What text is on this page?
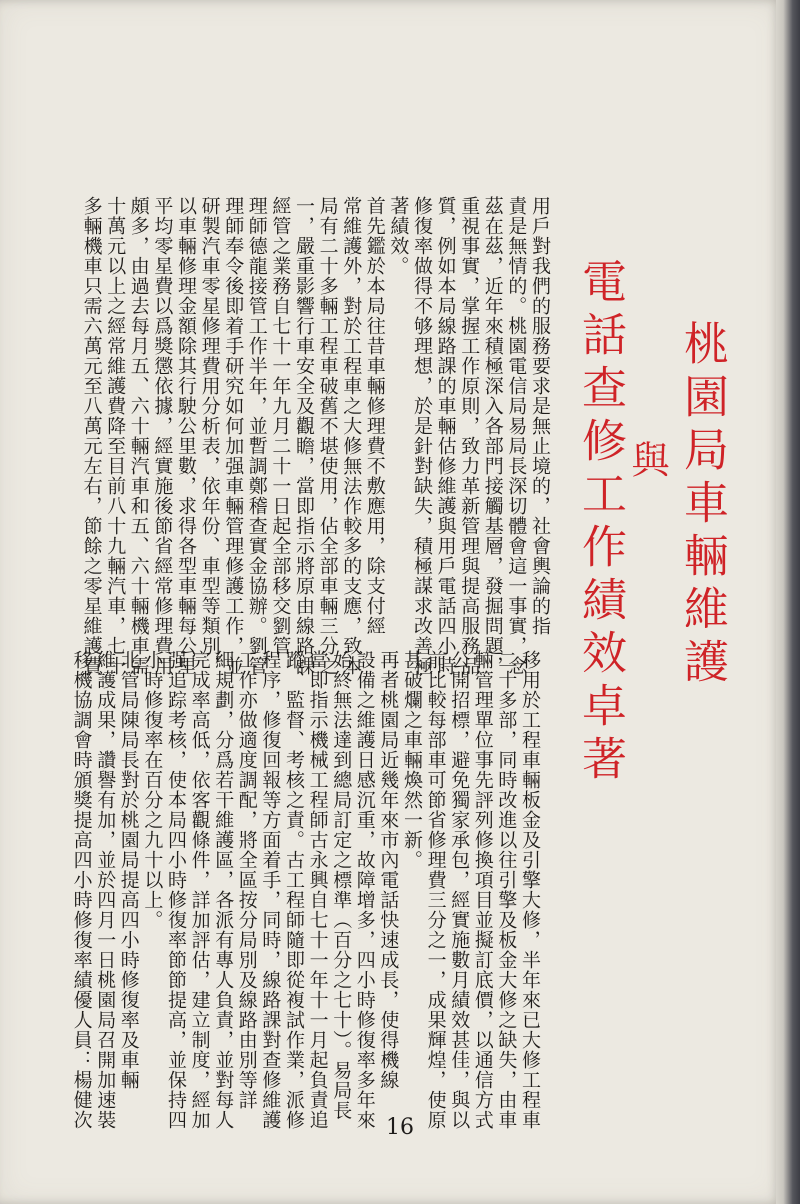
桃園局車輛維護
與
電話查修工作績效卓著
用戶對我們的服務要求是無止境的，社會輿論的指
責是無情的。桃園電信局易局長深切體會這一事實，念
茲在茲，近年來積極深入各部門接觸基層，發掘問題，
重視事實，掌握工作原則，致力革新管理與提高服務品
質，例如本局線路課的車輛估修維護與用戶電話四小時
修復率做得不够理想，於是針對缺失，積極謀求改善極
著績效。
首先鑑於本局往昔車輛修理費不敷應用，除支付經
常維護外，對於工程車之大修無法作較多的支應，致本
局有二十多輛工程車破舊不堪使用，佔全部車輛三分之
一，嚴重影響行車安全及觀瞻，當即指示將原由線路課
經管之業務自七十一年九月二十一日起全部移交劉管
理師德龍接管工作半年，並暫調鄭稽查實金協辦。劉管
理師奉令後即着手研究如何加强車輛管理修護工作，並
研製汽車零星修理費用分析表，依年份、車型等類別，
以車輛修理金額除其行駛公里數，求得各型車輛每公里
平均零星費以爲獎懲依據，經實施後節省經常修理費用
頗多，由過去每月五、六十輛汽車和五、六十輛機車需
十萬元以上之經常維護費降至目前八十九輛汽車，七十
多輛機車只需六萬元至八萬元左右，節餘之零星維護費
移用於工程車輛板金及引擎大修，半年來已大修工程車
二十多部，同時改進以往引擎及板金大修之缺失，由車
輛管理單位事先評列修換項目並擬訂底價，以通信方式
公開招標，避免獨家承包，經實施數月績效甚佳，與以
前比較每部車可節省修理費三分之一，成果輝煌，使原
甚破爛之車輛煥然一新。
再者桃園局近幾年來市內電話快速成長，使得機線
設備之維護日感沉重，故障增多，四小時修復率多年來
始終無法達到總局訂定之標準（百分之七十）。易局長
當即指示機械工程師古永興自七十一年十一月起負責追
蹤、監督、考核之責。古工程師隨即從複試作業，派修
程序，修復回報等方面着手，同時，線路課對查修維護
工作亦做適度調配，將全區按分局別及線路由別等詳
細規劃，分爲若干維護區，各派有專人負責，並對每人
完成率高低，依客觀條件，詳加評估，建立制度，經加
强追踪考核，使本局四小時修復率節節提高，並保持四
小時修復率在百分之九十以上。
北管局陳局長對於桃園局提高四小時修復率及車輛
維護成果，讚譽有加，並於四月一日桃園局召開加速裝
移機協調會時頒獎提高四小時修復率績優人員：楊健次	16
